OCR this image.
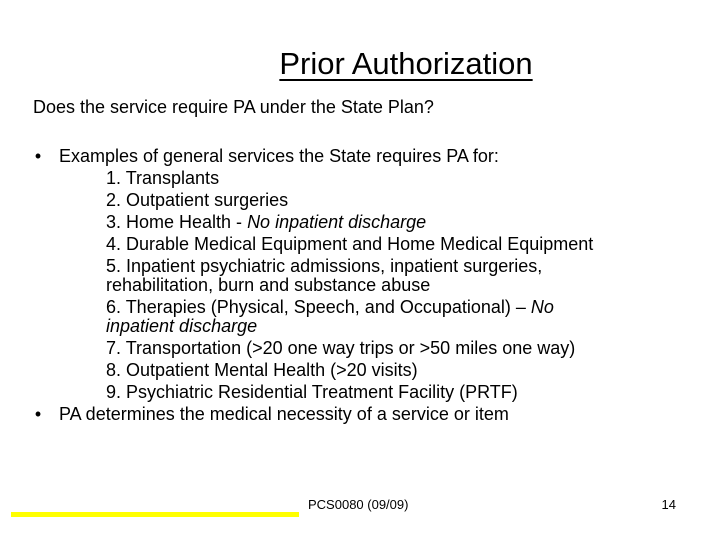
Prior Authorization
Does the service require PA under the State Plan?
• Examples of general services the State requires PA for:
1. Transplants
2. Outpatient surgeries
3. Home Health - No inpatient discharge
4. Durable Medical Equipment and Home Medical Equipment
5. Inpatient psychiatric admissions, inpatient surgeries,
rehabilitation, burn and substance abuse
6. Therapies (Physical, Speech, and Occupational) – No
inpatient discharge
7. Transportation (>20 one way trips or >50 miles one way)
8. Outpatient Mental Health (>20 visits)
9. Psychiatric Residential Treatment Facility (PRTF)
• PA determines the medical necessity of a service or item
PCS0080 (09/09)	14
